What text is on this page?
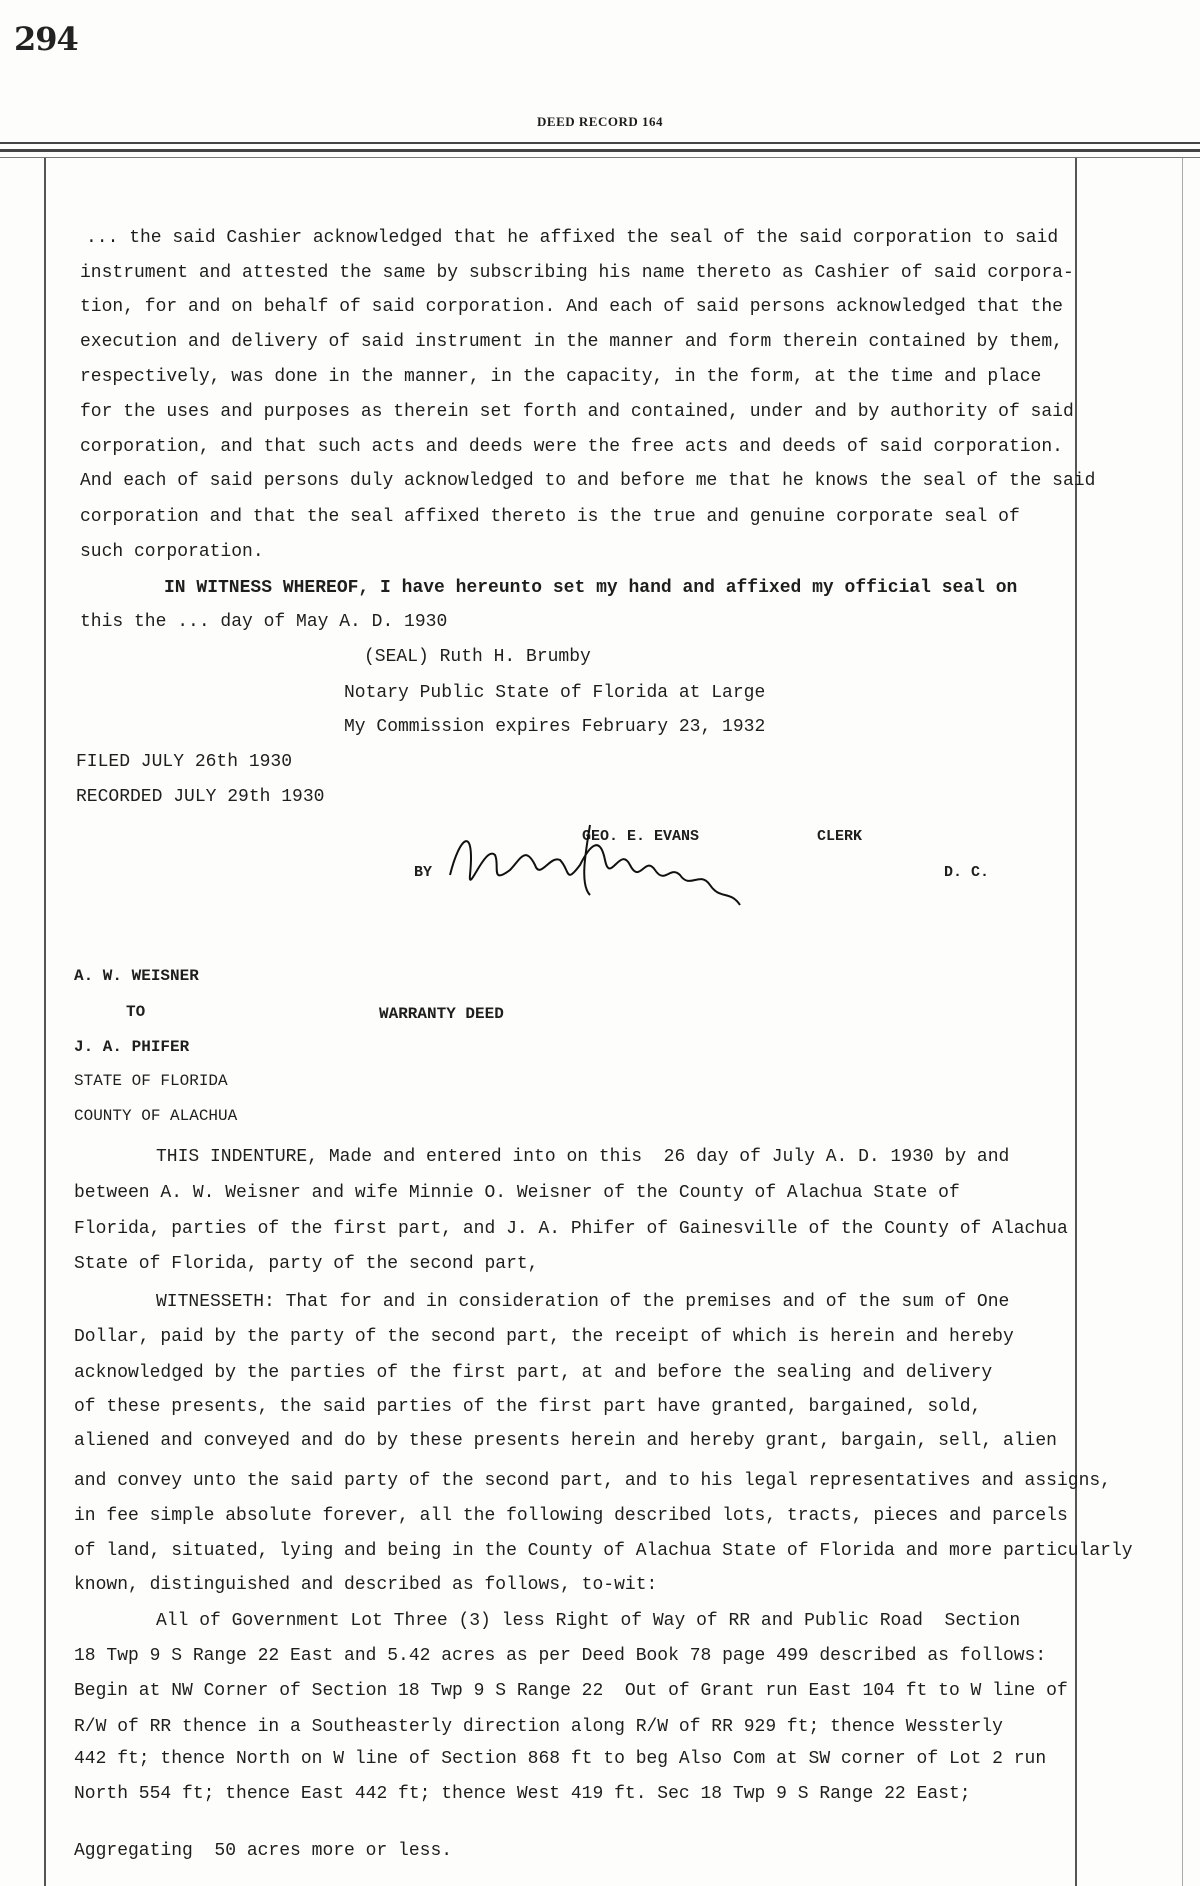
294
DEED RECORD 164
... the said Cashier acknowledged that he affixed the seal of the said corporation to said
instrument and attested the same by subscribing his name thereto as Cashier of said corpora-
tion, for and on behalf of said corporation. And each of said persons acknowledged that the
execution and delivery of said instrument in the manner and form therein contained by them,
respectively, was done in the manner, in the capacity, in the form, at the time and place
for the uses and purposes as therein set forth and contained, under and by authority of said
corporation, and that such acts and deeds were the free acts and deeds of said corporation.
And each of said persons duly acknowledged to and before me that he knows the seal of the said
corporation and that the seal affixed thereto is the true and genuine corporate seal of
such corporation.
IN WITNESS WHEREOF, I have hereunto set my hand and affixed my official seal on
this the ... day of May A. D. 1930
(SEAL) Ruth H. Brumby
Notary Public State of Florida at Large
My Commission expires February 23, 1932
FILED JULY 26th 1930
RECORDED JULY 29th 1930
GEO. E. EVANS	CLERK
BY	D. C.
A. W. WEISNER
TO	WARRANTY DEED
J. A. PHIFER
STATE OF FLORIDA
COUNTY OF ALACHUA
THIS INDENTURE, Made and entered into on this  26 day of July A. D. 1930 by and
between A. W. Weisner and wife Minnie O. Weisner of the County of Alachua State of
Florida, parties of the first part, and J. A. Phifer of Gainesville of the County of Alachua
State of Florida, party of the second part,
WITNESSETH: That for and in consideration of the premises and of the sum of One
Dollar, paid by the party of the second part, the receipt of which is herein and hereby
acknowledged by the parties of the first part, at and before the sealing and delivery
of these presents, the said parties of the first part have granted, bargained, sold,
aliened and conveyed and do by these presents herein and hereby grant, bargain, sell, alien
and convey unto the said party of the second part, and to his legal representatives and assigns,
in fee simple absolute forever, all the following described lots, tracts, pieces and parcels
of land, situated, lying and being in the County of Alachua State of Florida and more particularly
known, distinguished and described as follows, to-wit:
All of Government Lot Three (3) less Right of Way of RR and Public Road  Section
18 Twp 9 S Range 22 East and 5.42 acres as per Deed Book 78 page 499 described as follows:
Begin at NW Corner of Section 18 Twp 9 S Range 22  Out of Grant run East 104 ft to W line of
R/W of RR thence in a Southeasterly direction along R/W of RR 929 ft; thence Wessterly
442 ft; thence North on W line of Section 868 ft to beg Also Com at SW corner of Lot 2 run
North 554 ft; thence East 442 ft; thence West 419 ft. Sec 18 Twp 9 S Range 22 East;
Aggregating  50 acres more or less.
